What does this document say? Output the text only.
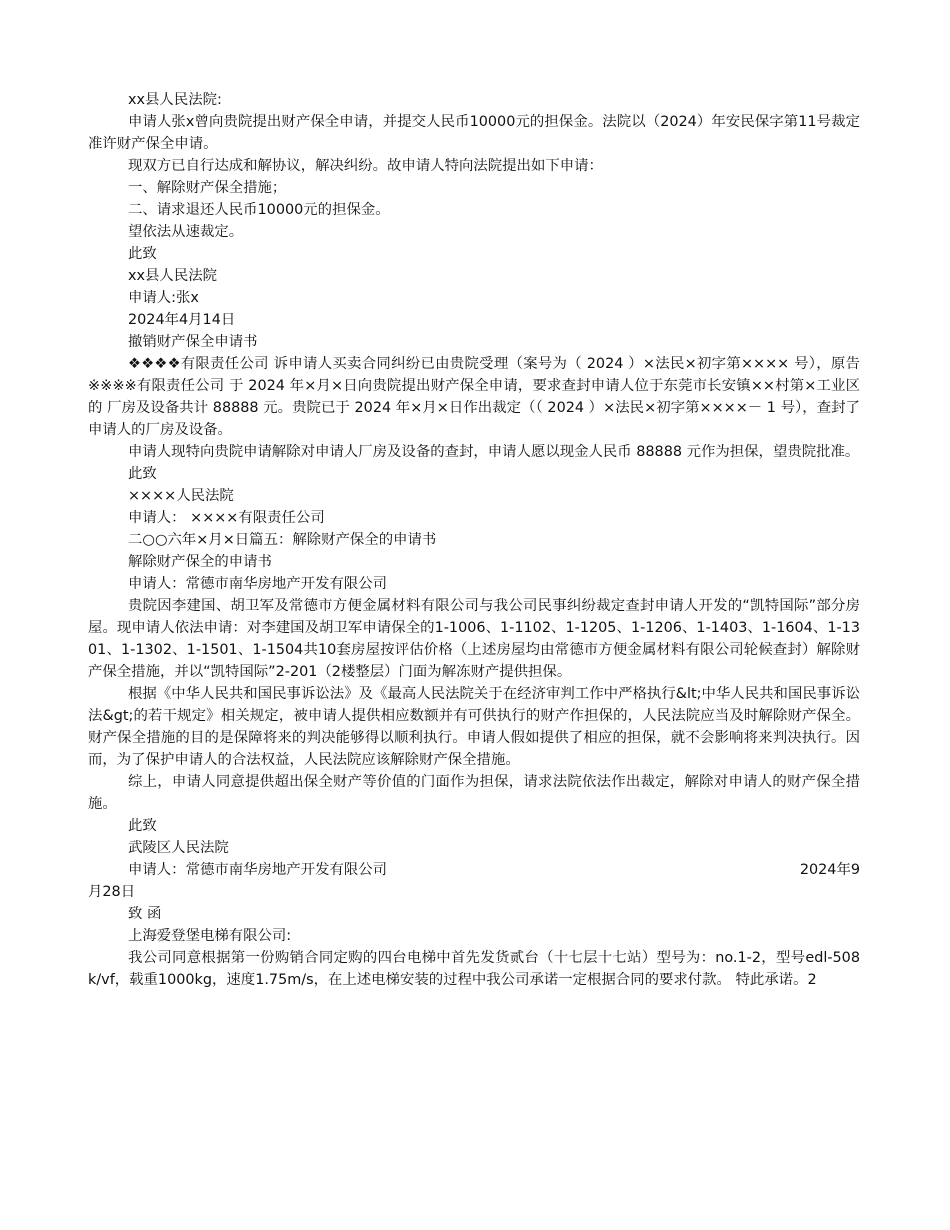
xx县人民法院:

申请人张x曾向贵院提出财产保全申请，并提交人民币10000元的担保金。法院以（2024）年安民保字第11号裁定准许财产保全申请。

现双方已自行达成和解协议，解决纠纷。故申请人特向法院提出如下申请：

一、解除财产保全措施；

二、请求退还人民币10000元的担保金。

望依法从速裁定。

此致

xx县人民法院

申请人:张x

2024年4月14日

撤销财产保全申请书

❖❖❖❖有限责任公司 诉申请人买卖合同纠纷已由贵院受理（案号为（ 2024 ）×法民×初字第×××× 号），原告 ※※※※有限责任公司 于 2024 年×月×日向贵院提出财产保全申请，要求查封申请人位于东莞市长安镇××村第×工业区的 厂房及设备共计 88888 元。贵院已于 2024 年×月×日作出裁定（（ 2024 ）×法民×初字第××××－ 1 号），查封了申请人的厂房及设备。

申请人现特向贵院申请解除对申请人厂房及设备的查封，申请人愿以现金人民币 88888 元作为担保，望贵院批准。

此致

××××人民法院

申请人： ××××有限责任公司

二○○六年×月×日篇五：解除财产保全的申请书

解除财产保全的申请书

申请人：常德市南华房地产开发有限公司

贵院因李建国、胡卫军及常德市方便金属材料有限公司与我公司民事纠纷裁定查封申请人开发的“凯特国际”部分房屋。现申请人依法申请：对李建国及胡卫军申请保全的1-1006、1-1102、1-1205、1-1206、1-1403、1-1604、1-1301、1-1302、1-1501、1-1504共10套房屋按评估价格（上述房屋均由常德市方便金属材料有限公司轮候查封）解除财产保全措施，并以“凯特国际”2-201（2楼整层）门面为解冻财产提供担保。

根据《中华人民共和国民事诉讼法》及《最高人民法院关于在经济审判工作中严格执行&lt;中华人民共和国民事诉讼法&gt;的若干规定》相关规定，被申请人提供相应数额并有可供执行的财产作担保的，人民法院应当及时解除财产保全。财产保全措施的目的是保障将来的判决能够得以顺利执行。申请人假如提供了相应的担保，就不会影响将来判决执行。因而，为了保护申请人的合法权益，人民法院应该解除财产保全措施。

综上，申请人同意提供超出保全财产等价值的门面作为担保，请求法院依法作出裁定，解除对申请人的财产保全措施。

此致

武陵区人民法院

申请人：常德市南华房地产开发有限公司	2024年9

月28日

致 函

上海爱登堡电梯有限公司:

我公司同意根据第一份购销合同定购的四台电梯中首先发货贰台（十七层十七站）型号为：no.1-2，型号edl-508k/vf，载重1000kg，速度1.75m/s，在上述电梯安装的过程中我公司承诺一定根据合同的要求付款。 特此承诺。2
